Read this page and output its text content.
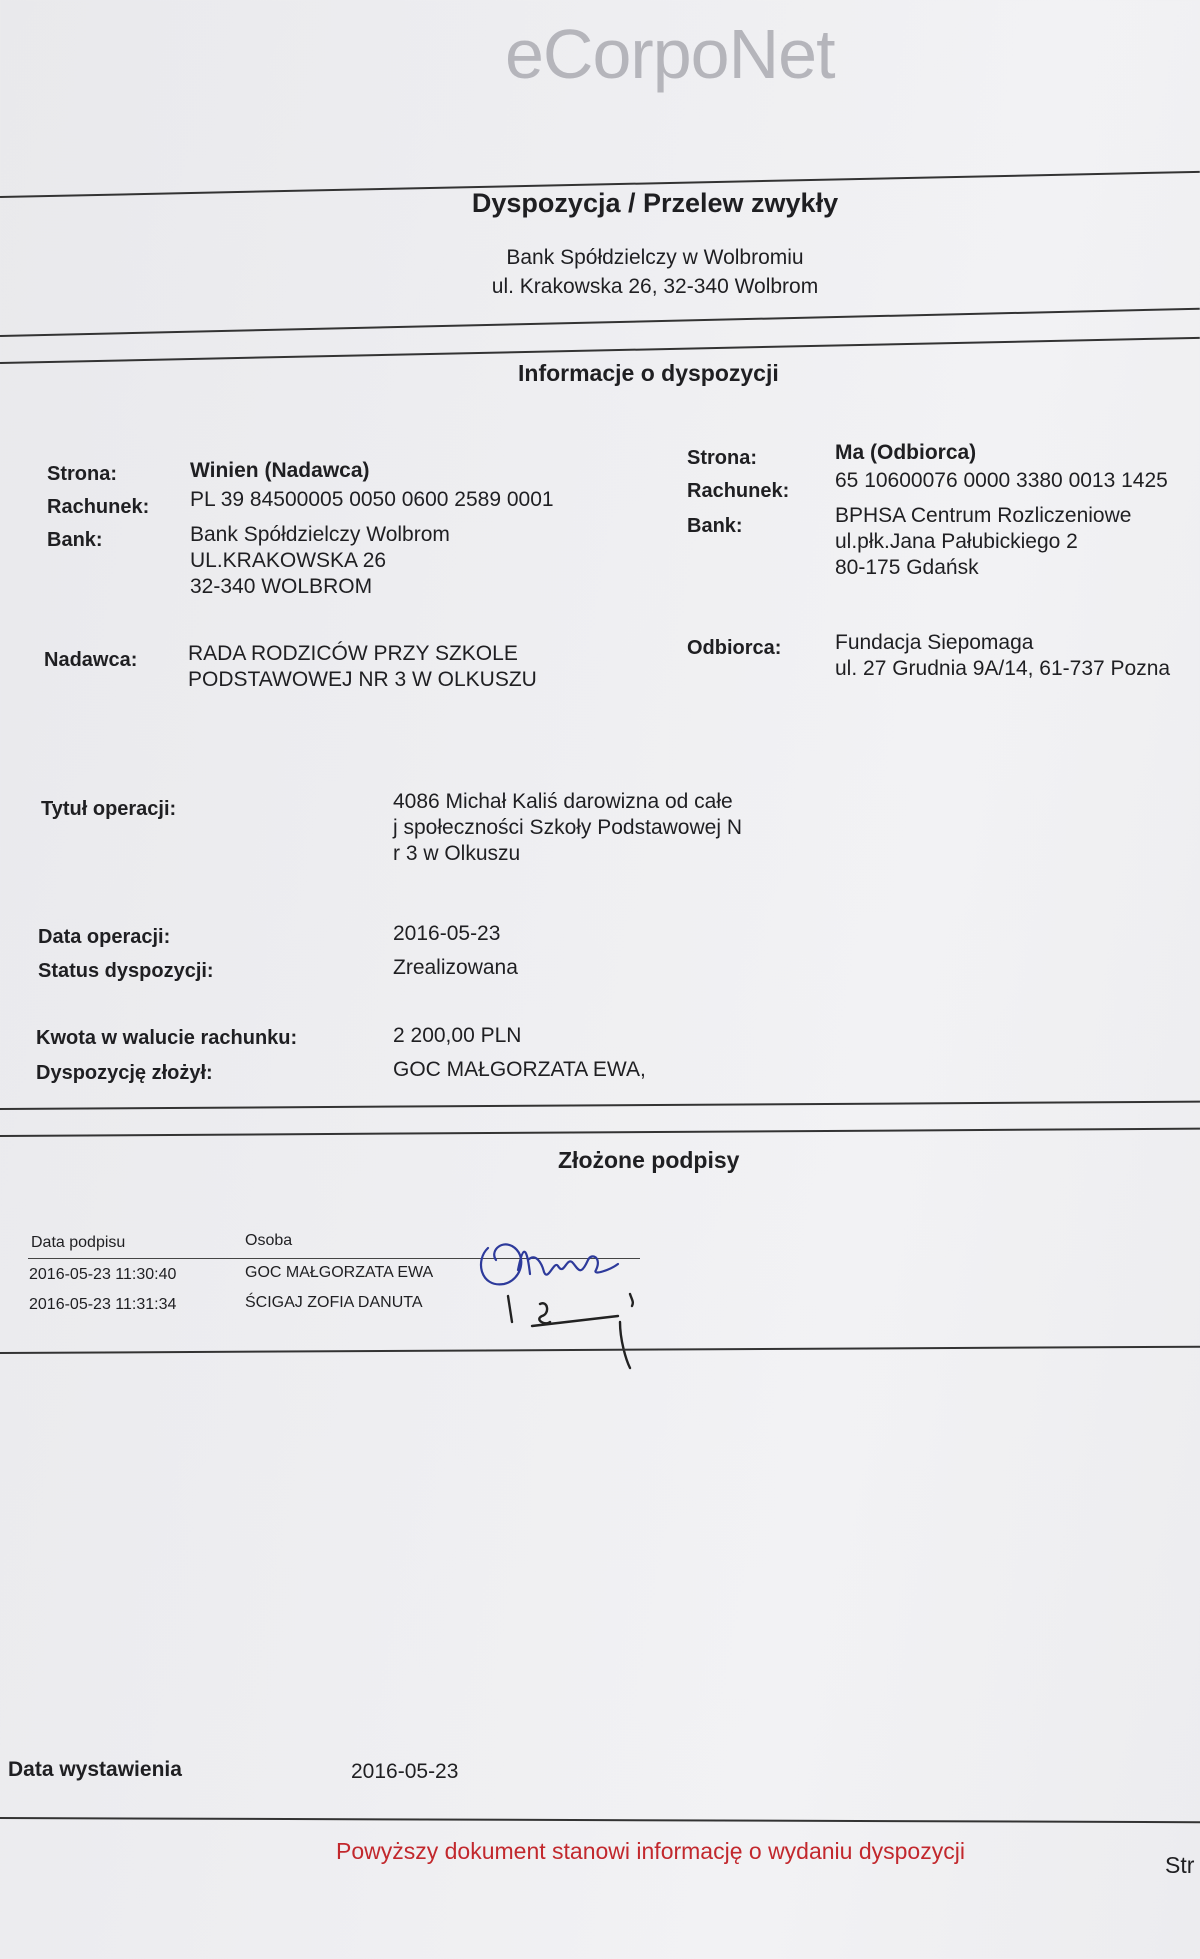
eCorpoNet
Dyspozycja / Przelew zwykły
Bank Spółdzielczy w Wolbromiu
ul. Krakowska 26, 32-340 Wolbrom
Informacje o dyspozycji
Strona:	Winien (Nadawca)
Rachunek: PL 39 84500005 0050 0600 2589 0001
Bank:	Bank Spółdzielczy Wolbrom
UL.KRAKOWSKA 26
32-340 WOLBROM
Nadawca: RADA RODZICÓW PRZY SZKOLE
PODSTAWOWEJ NR 3 W OLKUSZU
Strona:	Ma (Odbiorca)
Rachunek: 65 10600076 0000 3380 0013 1425
Bank:	BPHSA Centrum Rozliczeniowe
ul.płk.Jana Pałubickiego 2
80-175 Gdańsk
Odbiorca:	Fundacja Siepomaga
ul. 27 Grudnia 9A/14, 61-737 Pozna
Tytuł operacji:	4086 Michał Kaliś darowizna od całe
j społeczności Szkoły Podstawowej N
r 3 w Olkuszu
Data operacji:	2016-05-23
Status dyspozycji:	Zrealizowana
Kwota w walucie rachunku:	2 200,00 PLN
Dyspozycję złożył:	GOC MAŁGORZATA EWA,
Złożone podpisy
Data podpisu	Osoba
2016-05-23 11:30:40	GOC MAŁGORZATA EWA
2016-05-23 11:31:34	ŚCIGAJ ZOFIA DANUTA
Data wystawienia	2016-05-23
Powyższy dokument stanowi informację o wydaniu dyspozycji
Str
